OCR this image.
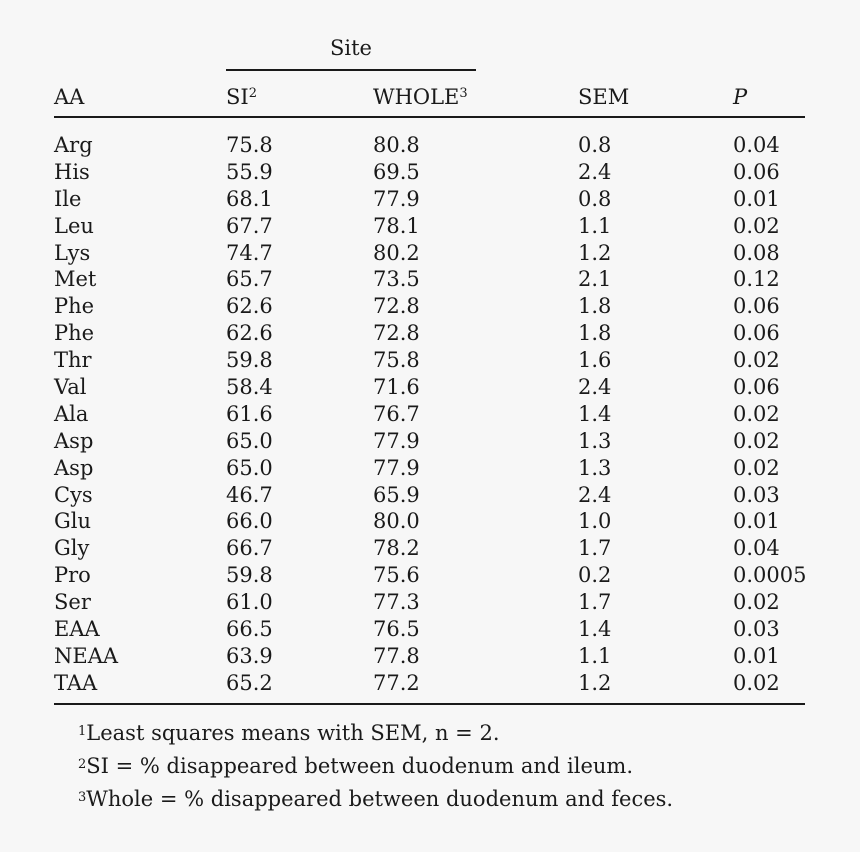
Site
AA	$SI^2$	WHOLE$^3$	SEM	P
Arg	75.8	80.8	0.8	0.04
His	55.9	69.5	2.4	0.06
Ile	68.1	77.9	0.8	0.01
Leu	67.7	78.1	1.1	0.02
Lys	74.7	80.2	1.2	0.08
Met	65.7	73.5	2.1	0.12
Phe	62.6	72.8	1.8	0.06
Phe	62.6	72.8	1.8	0.06
Thr	59.8	75.8	1.6	0.02
Val	58.4	71.6	2.4	0.06
Ala	61.6	76.7	1.4	0.02
Asp	65.0	77.9	1.3	0.02
Asp	65.0	77.9	1.3	0.02
Cys	46.7	65.9	2.4	0.03
Glu	66.0	80.0	1.0	0.01
Gly	66.7	78.2	1.7	0.04
Pro	59.8	75.6	0.2	0.0005
Ser	61.0	77.3	1.7	0.02
EAA	66.5	76.5	1.4	0.03
NEAA	63.9	77.8	1.1	0.01
TAA	65.2	77.2	1.2	0.02
$^1$Least squares means with SEM, n = 2.
$^2$SI = % disappeared between duodenum and ileum.
$^3$Whole = % disappeared between duodenum and feces.
